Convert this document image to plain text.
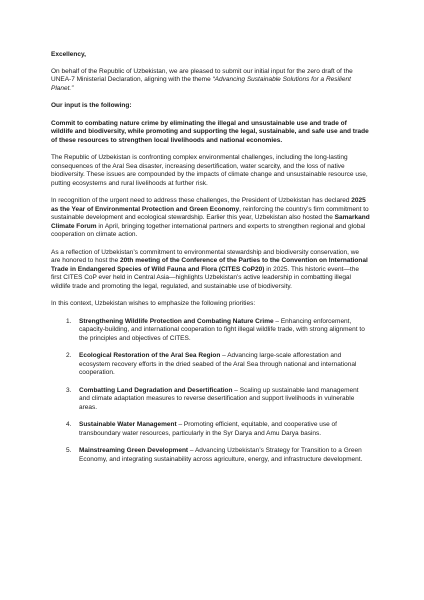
Excellency,

On behalf of the Republic of Uzbekistan, we are pleased to submit our initial input for the zero draft of the UNEA-7 Ministerial Declaration, aligning with the theme “Advancing Sustainable Solutions for a Resilient Planet.”

Our input is the following:

Commit to combating nature crime by eliminating the illegal and unsustainable use and trade of wildlife and biodiversity, while promoting and supporting the legal, sustainable, and safe use and trade of these resources to strengthen local livelihoods and national economies.

The Republic of Uzbekistan is confronting complex environmental challenges, including the long-lasting consequences of the Aral Sea disaster, increasing desertification, water scarcity, and the loss of native biodiversity. These issues are compounded by the impacts of climate change and unsustainable resource use, putting ecosystems and rural livelihoods at further risk.

In recognition of the urgent need to address these challenges, the President of Uzbekistan has declared 2025 as the Year of Environmental Protection and Green Economy, reinforcing the country’s firm commitment to sustainable development and ecological stewardship. Earlier this year, Uzbekistan also hosted the Samarkand Climate Forum in April, bringing together international partners and experts to strengthen regional and global cooperation on climate action.

As a reflection of Uzbekistan’s commitment to environmental stewardship and biodiversity conservation, we are honored to host the 20th meeting of the Conference of the Parties to the Convention on International Trade in Endangered Species of Wild Fauna and Flora (CITES CoP20) in 2025. This historic event—the first CITES CoP ever held in Central Asia—highlights Uzbekistan’s active leadership in combatting illegal wildlife trade and promoting the legal, regulated, and sustainable use of biodiversity.

In this context, Uzbekistan wishes to emphasize the following priorities:

1. Strengthening Wildlife Protection and Combating Nature Crime – Enhancing enforcement, capacity-building, and international cooperation to fight illegal wildlife trade, with strong alignment to the principles and objectives of CITES.
2. Ecological Restoration of the Aral Sea Region – Advancing large-scale afforestation and ecosystem recovery efforts in the dried seabed of the Aral Sea through national and international cooperation.
3. Combatting Land Degradation and Desertification – Scaling up sustainable land management and climate adaptation measures to reverse desertification and support livelihoods in vulnerable areas.
4. Sustainable Water Management – Promoting efficient, equitable, and cooperative use of transboundary water resources, particularly in the Syr Darya and Amu Darya basins.
5. Mainstreaming Green Development – Advancing Uzbekistan’s Strategy for Transition to a Green Economy, and integrating sustainability across agriculture, energy, and infrastructure development.
